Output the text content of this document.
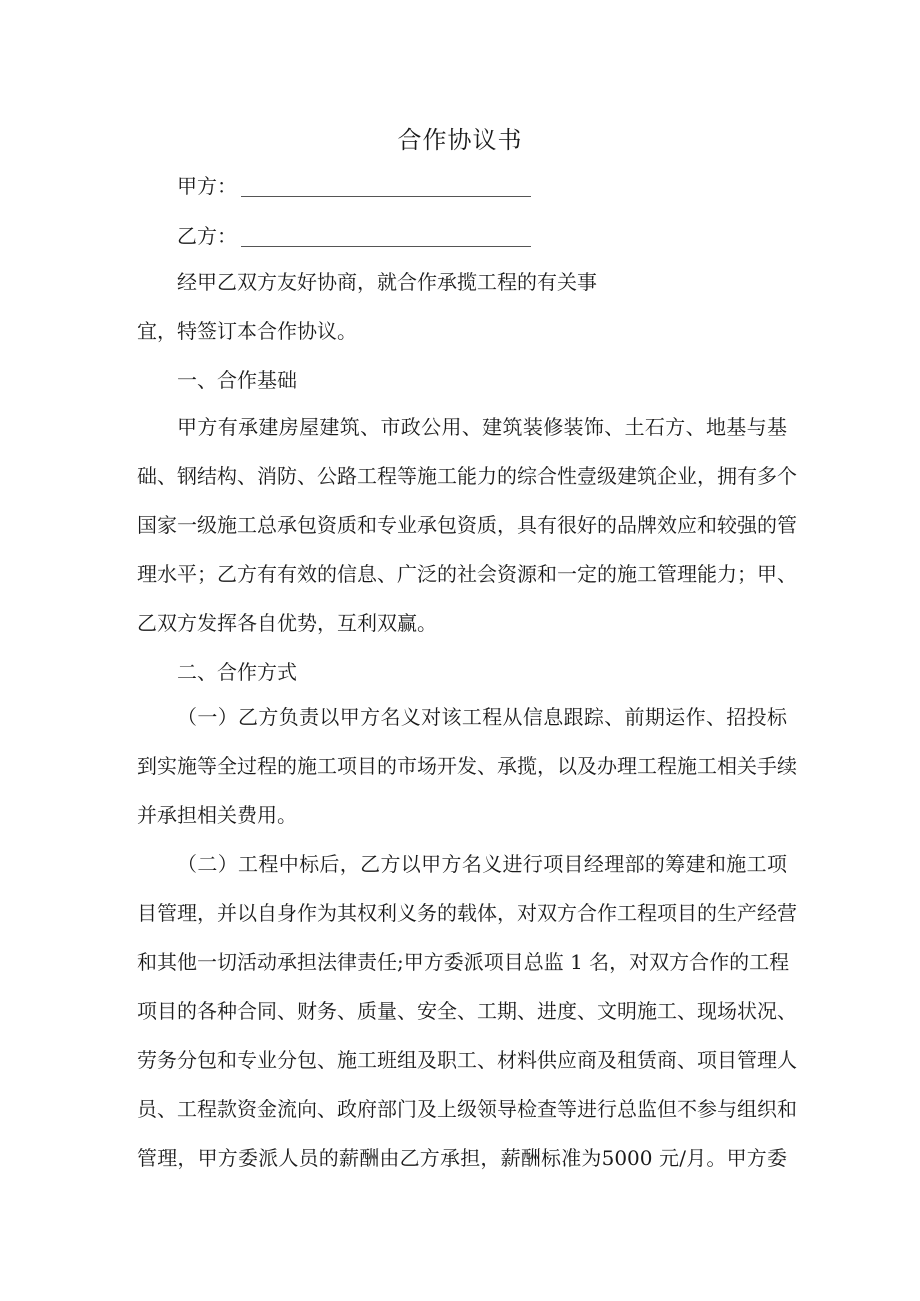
合作协议书
甲方：
乙方：
经甲乙双方友好协商，就合作承揽工程的有关事
宜，特签订本合作协议。
一、合作基础
甲方有承建房屋建筑、市政公用、建筑装修装饰、土石方、地基与基
础、钢结构、消防、公路工程等施工能力的综合性壹级建筑企业，拥有多个
国家一级施工总承包资质和专业承包资质，具有很好的品牌效应和较强的管
理水平；乙方有有效的信息、广泛的社会资源和一定的施工管理能力；甲、
乙双方发挥各自优势，互利双赢。
二、合作方式
（一）乙方负责以甲方名义对该工程从信息跟踪、前期运作、招投标
到实施等全过程的施工项目的市场开发、承揽，以及办理工程施工相关手续
并承担相关费用。
（二）工程中标后，乙方以甲方名义进行项目经理部的筹建和施工项
目管理，并以自身作为其权利义务的载体，对双方合作工程项目的生产经营
和其他一切活动承担法律责任;甲方委派项目总监 1 名，对双方合作的工程
项目的各种合同、财务、质量、安全、工期、进度、文明施工、现场状况、
劳务分包和专业分包、施工班组及职工、材料供应商及租赁商、项目管理人
员、工程款资金流向、政府部门及上级领导检查等进行总监但不参与组织和
管理，甲方委派人员的薪酬由乙方承担，薪酬标准为5000 元/月。甲方委
